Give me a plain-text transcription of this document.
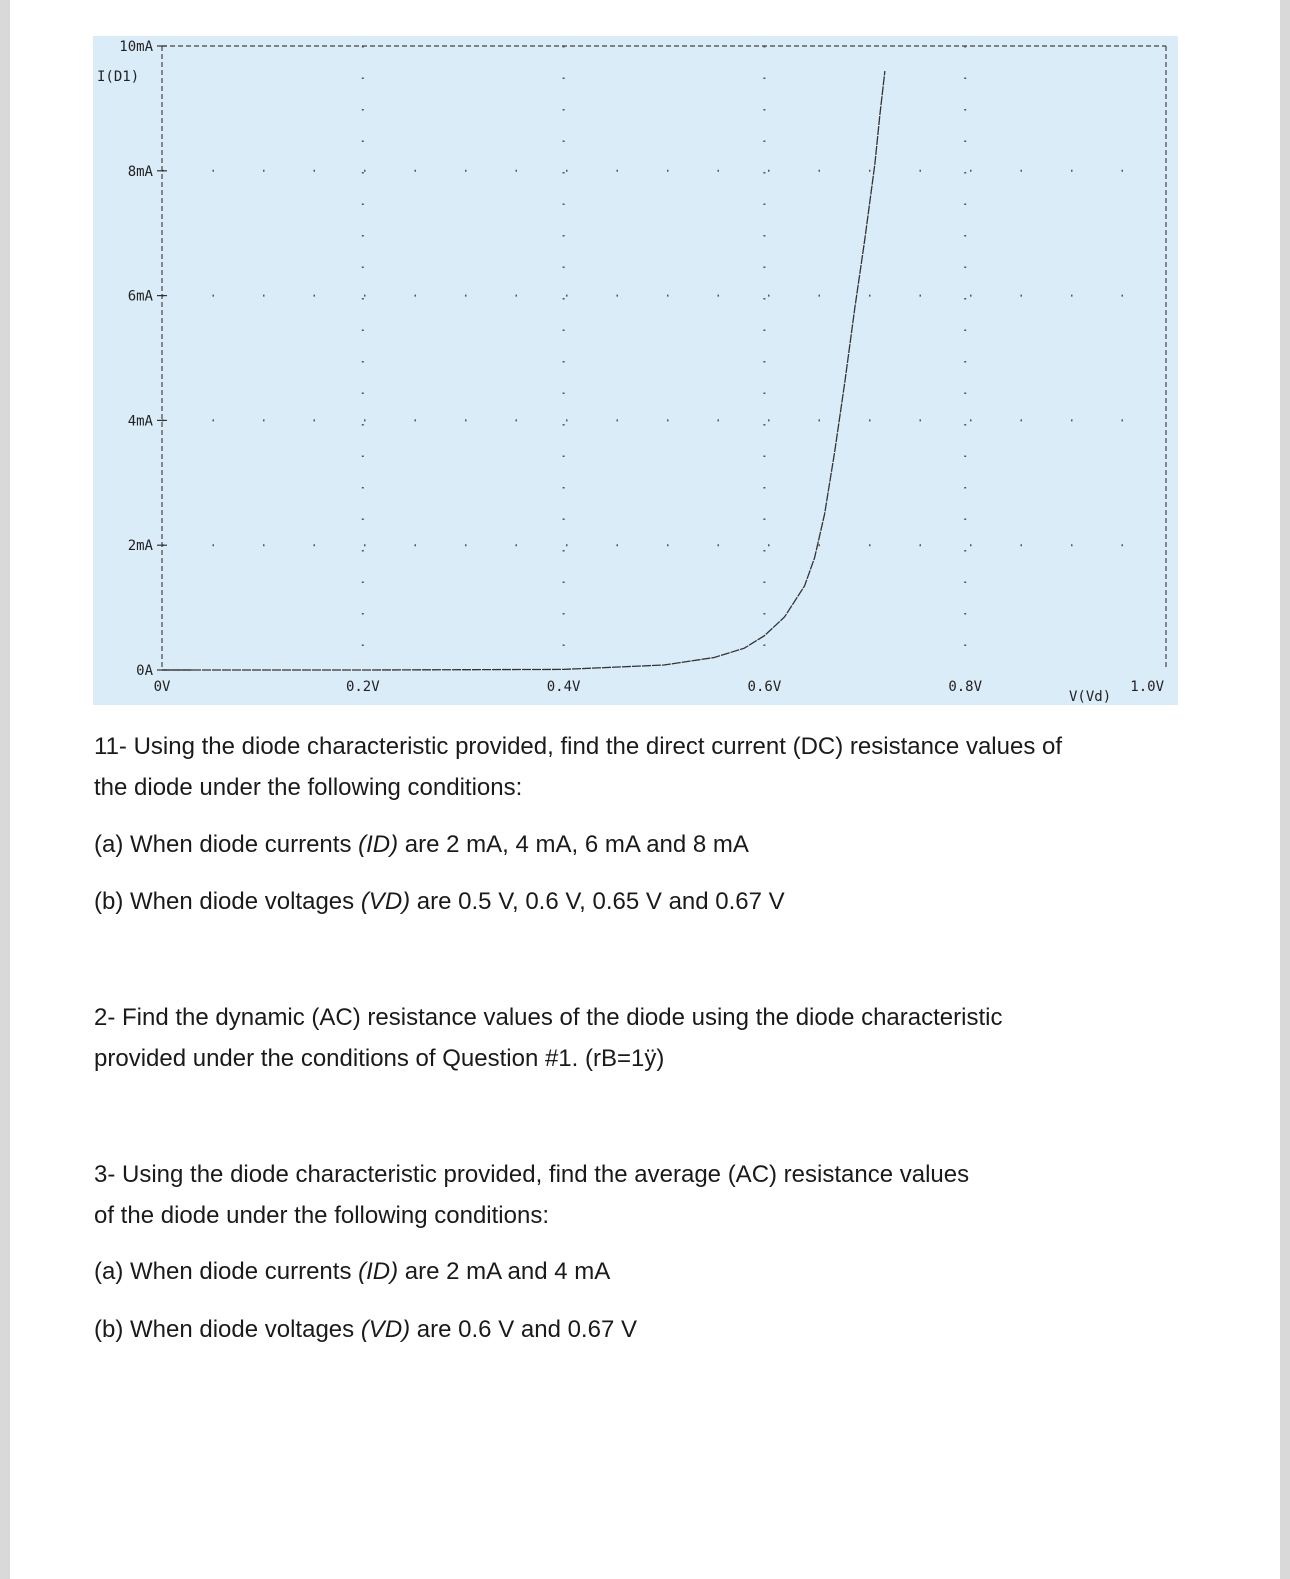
0A
2mA
4mA
6mA
8mA
10mA
0V	0.2V	0.4V	0.6V	0.8V	1.0V
I(D1)
V(Vd)

11- Using the diode characteristic provided, find the direct current (DC) resistance values of

the diode under the following conditions:

(a) When diode currents (ID) are 2 mA, 4 mA, 6 mA and 8 mA

(b) When diode voltages (VD) are 0.5 V, 0.6 V, 0.65 V and 0.67 V

2- Find the dynamic (AC) resistance values of the diode using the diode characteristic

provided under the conditions of Question #1. (rB=1ÿ)

3- Using the diode characteristic provided, find the average (AC) resistance values

of the diode under the following conditions:

(a) When diode currents (ID) are 2 mA and 4 mA

(b) When diode voltages (VD) are 0.6 V and 0.67 V
